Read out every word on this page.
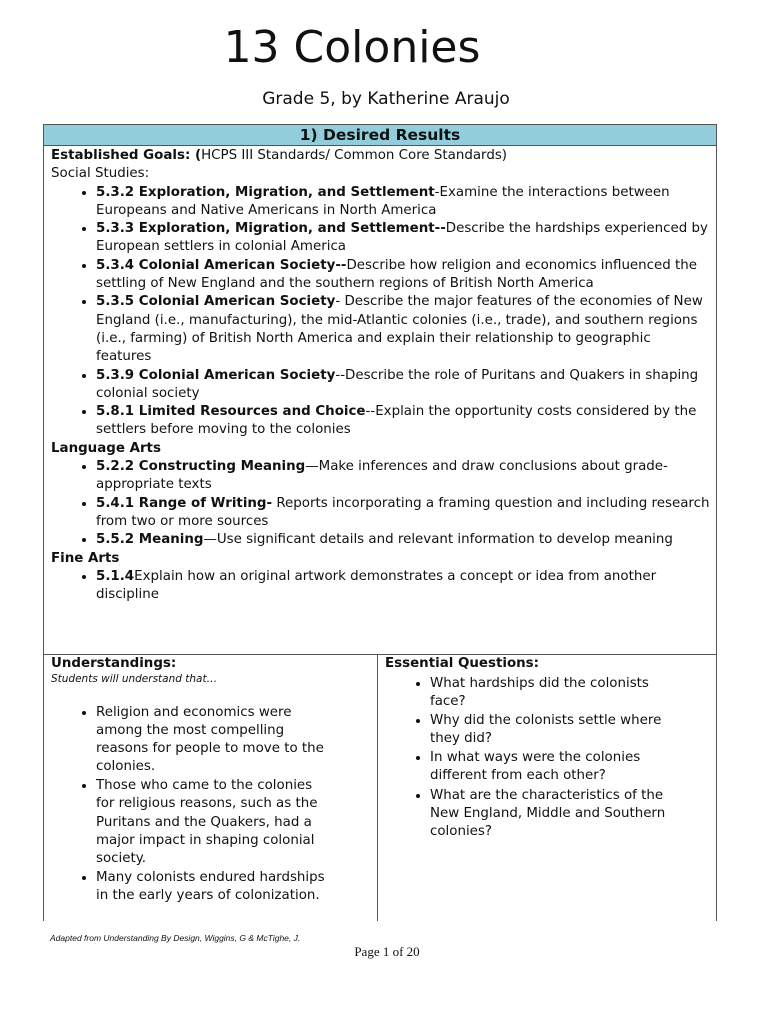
13 Colonies
Grade 5, by Katherine Araujo
1) Desired Results
Established Goals: (HCPS III Standards/ Common Core Standards)
Social Studies:
• 5.3.2 Exploration, Migration, and Settlement-Examine the interactions between Europeans and Native Americans in North America
• 5.3.3 Exploration, Migration, and Settlement--Describe the hardships experienced by European settlers in colonial America
• 5.3.4 Colonial American Society--Describe how religion and economics influenced the settling of New England and the southern regions of British North America
• 5.3.5 Colonial American Society- Describe the major features of the economies of New England (i.e., manufacturing), the mid-Atlantic colonies (i.e., trade), and southern regions (i.e., farming) of British North America and explain their relationship to geographic features
• 5.3.9 Colonial American Society--Describe the role of Puritans and Quakers in shaping colonial society
• 5.8.1 Limited Resources and Choice--Explain the opportunity costs considered by the settlers before moving to the colonies
Language Arts
• 5.2.2 Constructing Meaning—Make inferences and draw conclusions about grade-appropriate texts
• 5.4.1 Range of Writing- Reports incorporating a framing question and including research from two or more sources
• 5.5.2 Meaning—Use significant details and relevant information to develop meaning
Fine Arts
• 5.1.4Explain how an original artwork demonstrates a concept or idea from another discipline
Understandings:
Students will understand that…
• Religion and economics were among the most compelling reasons for people to move to the colonies.
• Those who came to the colonies for religious reasons, such as the Puritans and the Quakers, had a major impact in shaping colonial society.
• Many colonists endured hardships in the early years of colonization.
Essential Questions:
• What hardships did the colonists face?
• Why did the colonists settle where they did?
• In what ways were the colonies different from each other?
• What are the characteristics of the New England, Middle and Southern colonies?
Adapted from Understanding By Design, Wiggins, G & McTighe, J.
Page 1 of 20
